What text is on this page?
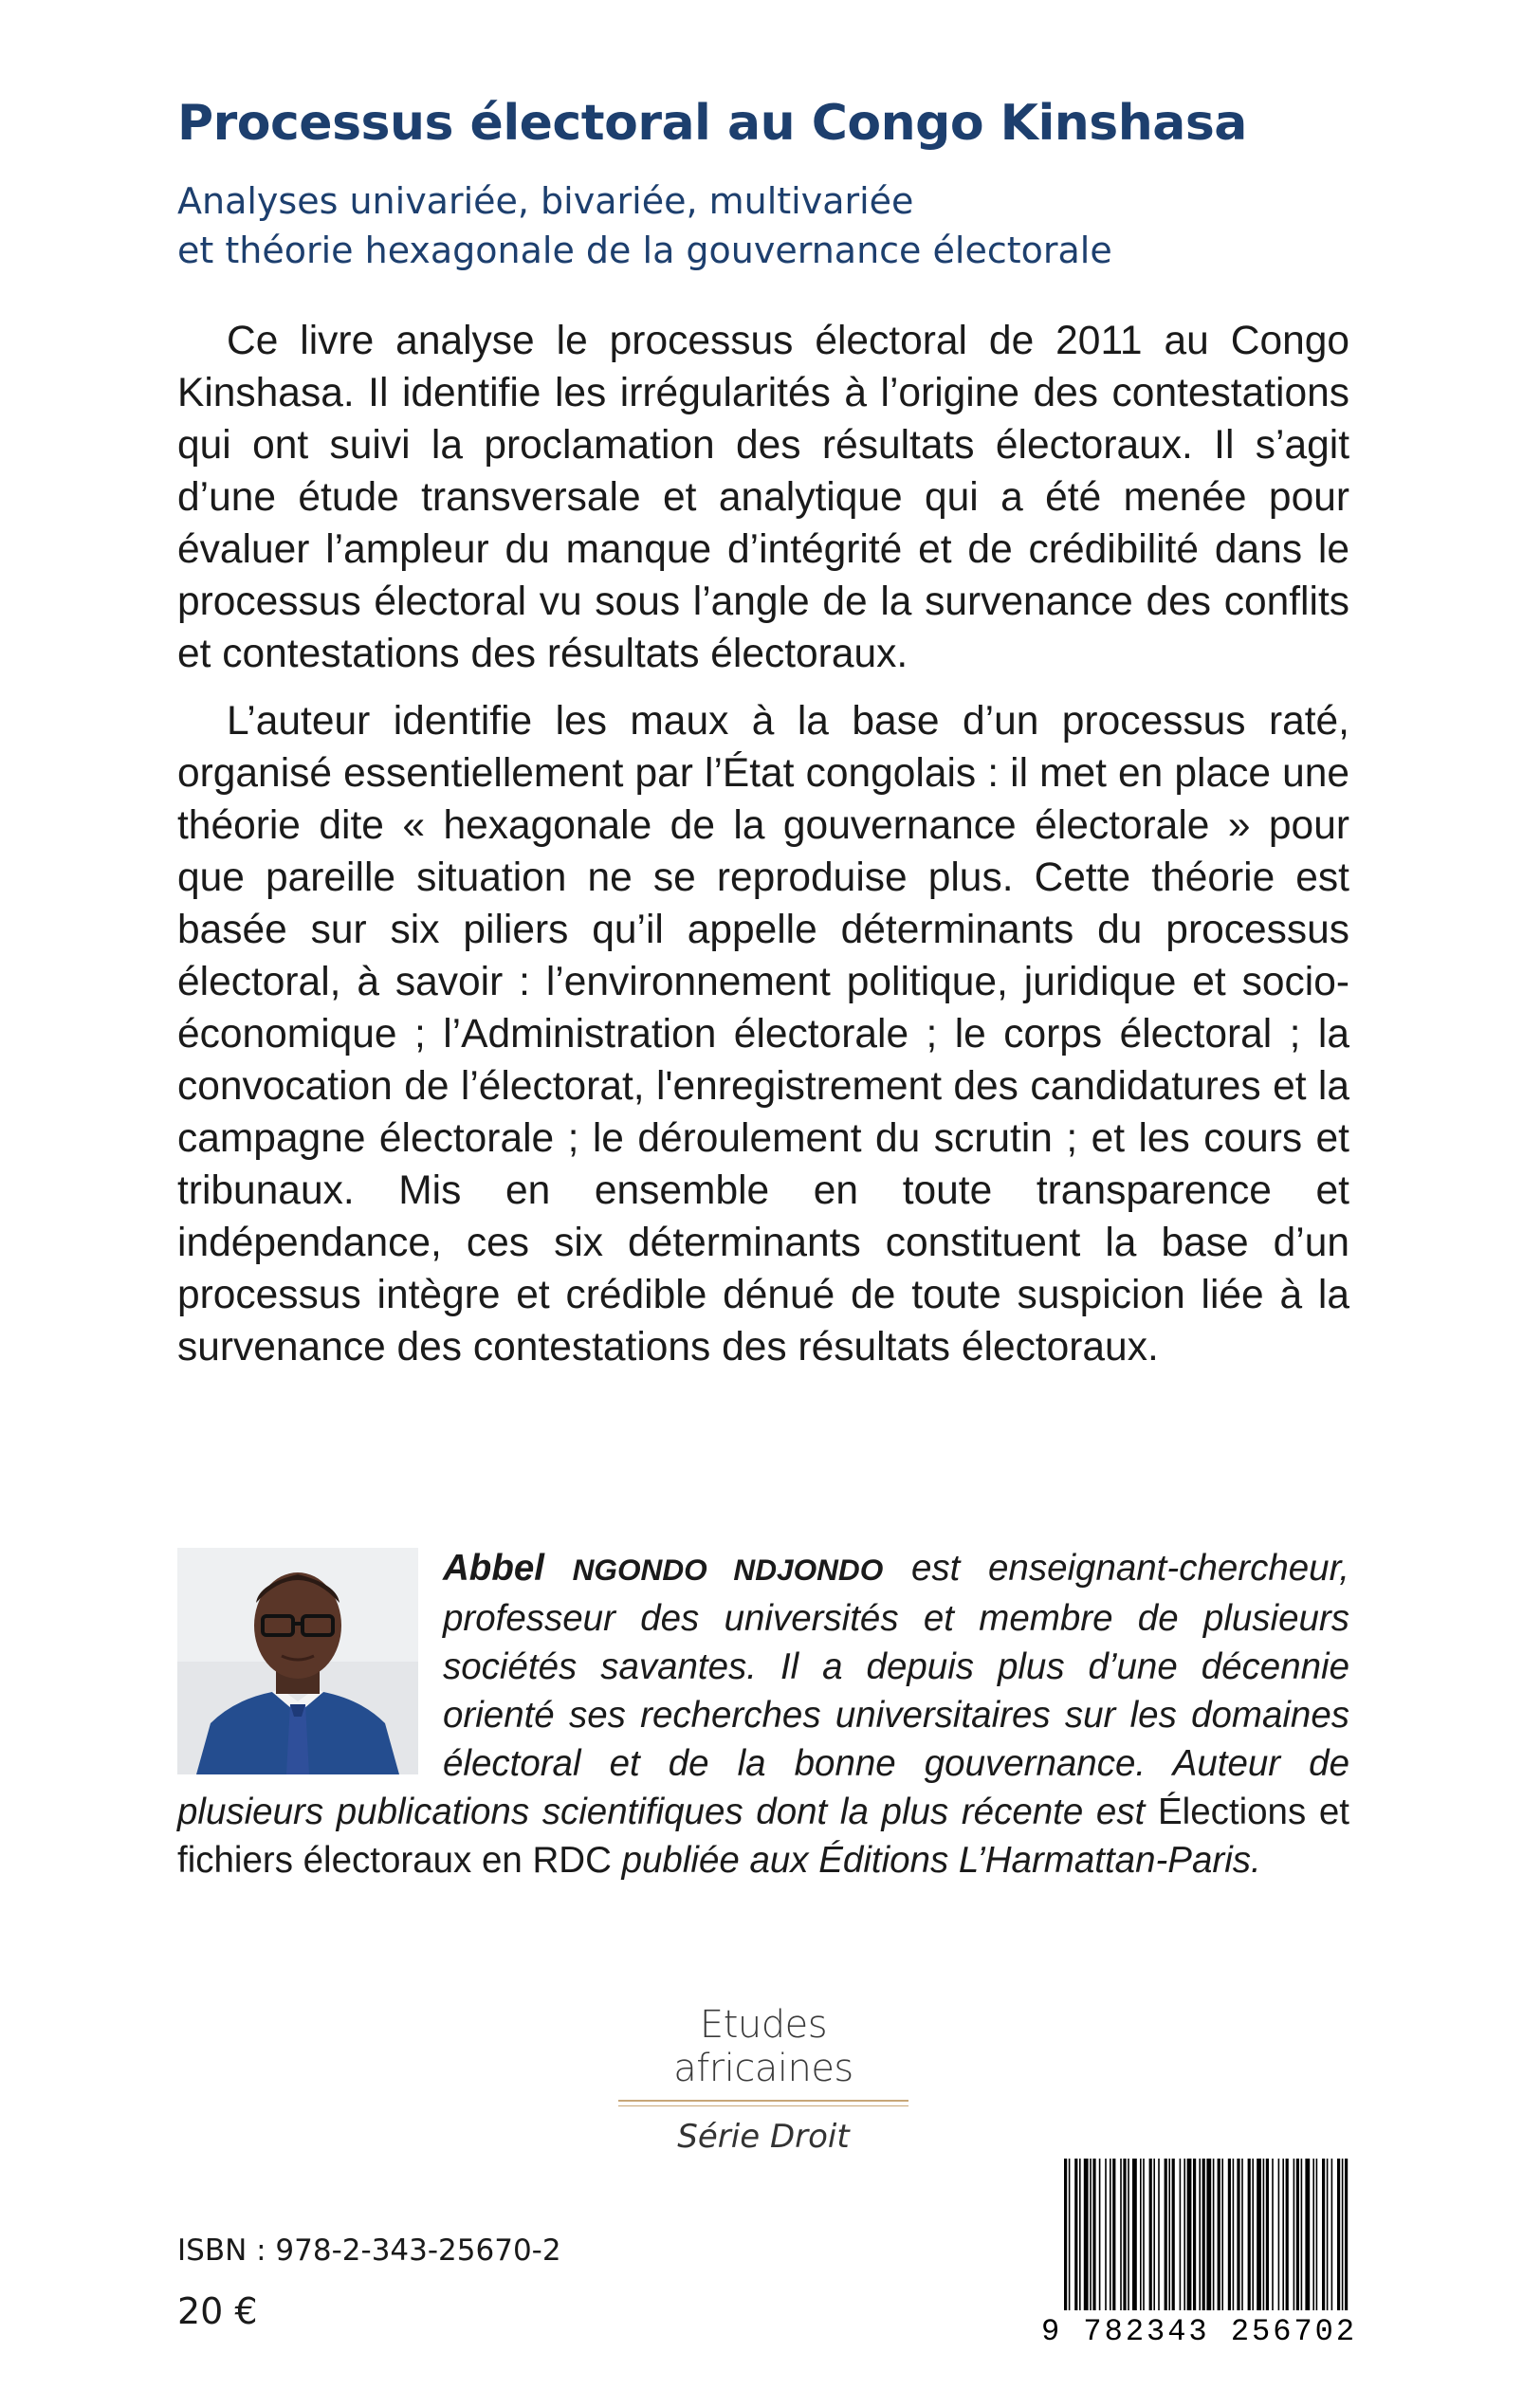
Processus électoral au Congo Kinshasa
Analyses univariée, bivariée, multivariée
et théorie hexagonale de la gouvernance électorale

Ce livre analyse le processus électoral de 2011 au Congo Kinshasa. Il identifie les irrégularités à l’origine des contestations qui ont suivi la proclamation des résultats électoraux. Il s’agit d’une étude transversale et analytique qui a été menée pour évaluer l’ampleur du manque d’intégrité et de crédibilité dans le processus électoral vu sous l’angle de la survenance des conflits et contestations des résultats électoraux.

L’auteur identifie les maux à la base d’un processus raté, organisé essentiellement par l’État congolais : il met en place une théorie dite « hexagonale de la gouvernance électorale » pour que pareille situation ne se reproduise plus. Cette théorie est basée sur six piliers qu’il appelle déterminants du processus électoral, à savoir : l’environnement politique, juridique et socio-économique ; l’Administration électorale ; le corps électoral ; la convocation de l’électorat, l'enregistrement des candidatures et la campagne électorale ; le déroulement du scrutin ; et les cours et tribunaux. Mis en ensemble en toute transparence et indépendance, ces six déterminants constituent la base d’un processus intègre et crédible dénué de toute suspicion liée à la survenance des contestations des résultats électoraux.

Abbel NGONDO NDJONDO est enseignant-chercheur, professeur des universités et membre de plusieurs sociétés savantes. Il a depuis plus d’une décennie orienté ses recherches universitaires sur les domaines électoral et de la bonne gouvernance. Auteur de plusieurs publications scientifiques dont la plus récente est Élections et fichiers électoraux en RDC publiée aux Éditions L’Harmattan-Paris.
Etudes africaines
Série Droit
ISBN : 978-2-343-25670-2
20 €	9 782343 256702
